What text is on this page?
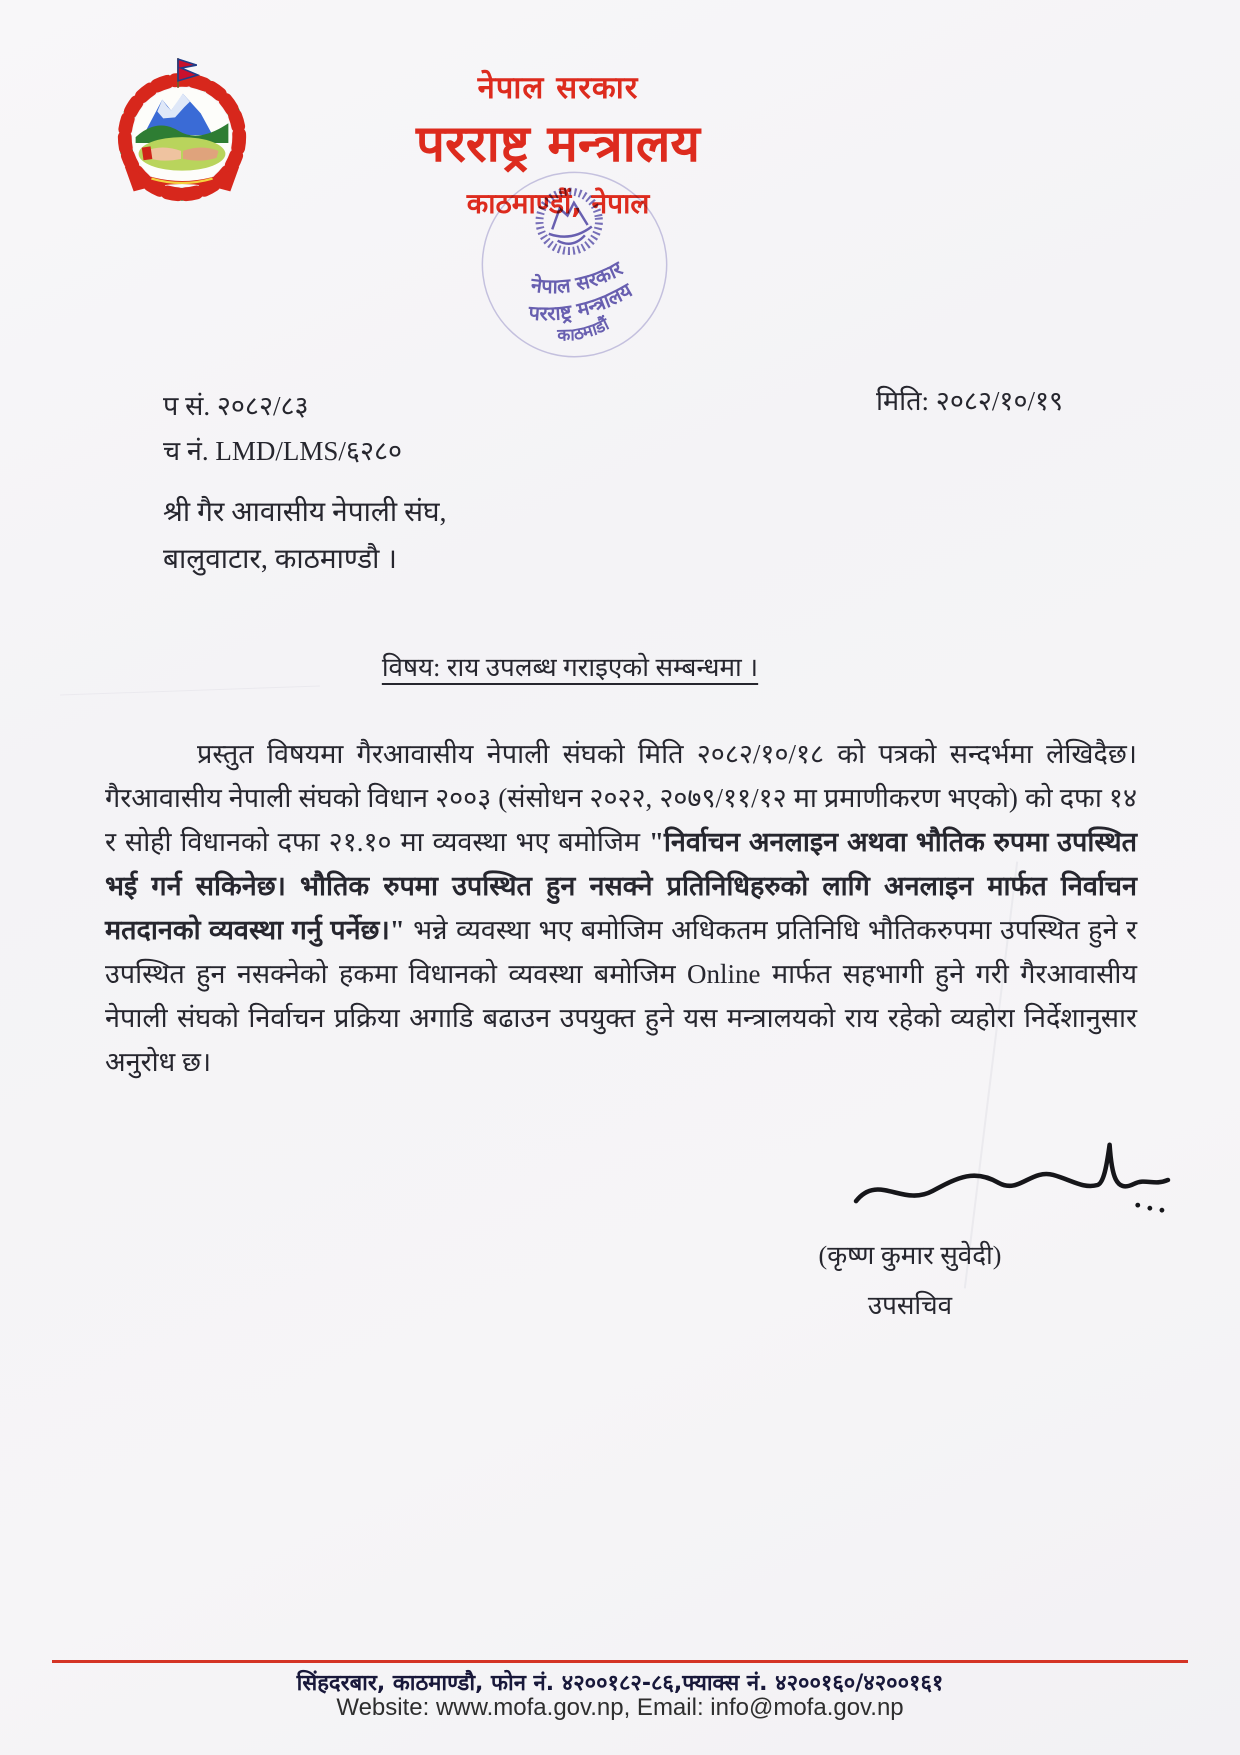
नेपाल सरकार
परराष्ट्र मन्त्रालय
काठमाण्डौं, नेपाल
नेपाल सरकार
परराष्ट्र मन्त्रालय
काठमाडौं
प सं. २०८२/८३
च नं. LMD/LMS/६२८०
मिति: २०८२/१०/१९
श्री गैर आवासीय नेपाली संघ,
बालुवाटार, काठमाण्डौ ।
विषय: राय उपलब्ध गराइएको सम्बन्धमा ।
प्रस्तुत विषयमा गैरआवासीय नेपाली संघको मिति २०८२/१०/१८ को पत्रको सन्दर्भमा लेखिदैछ। गैरआवासीय नेपाली संघको विधान २००३ (संसोधन २०२२, २०७९/११/१२ मा प्रमाणीकरण भएको) को दफा १४ र सोही विधानको दफा २१.१० मा व्यवस्था भए बमोजिम "निर्वाचन अनलाइन अथवा भौतिक रुपमा उपस्थित भई गर्न सकिनेछ। भौतिक रुपमा उपस्थित हुन नसक्ने प्रतिनिधिहरुको लागि अनलाइन मार्फत निर्वाचन मतदानको व्यवस्था गर्नु पर्नेछ।" भन्ने व्यवस्था भए बमोजिम अधिकतम प्रतिनिधि भौतिकरुपमा उपस्थित हुने र उपस्थित हुन नसक्नेको हकमा विधानको व्यवस्था बमोजिम Online मार्फत सहभागी हुने गरी गैरआवासीय नेपाली संघको निर्वाचन प्रक्रिया अगाडि बढाउन उपयुक्त हुने यस मन्त्रालयको राय रहेको व्यहोरा निर्देशानुसार अनुरोध छ।
(कृष्ण कुमार सुवेदी)
उपसचिव
सिंहदरबार, काठमाण्डौ, फोन नं. ४२००१८२-८६,फ्याक्स नं. ४२००१६०/४२००१६१
Website: www.mofa.gov.np, Email: info@mofa.gov.np
